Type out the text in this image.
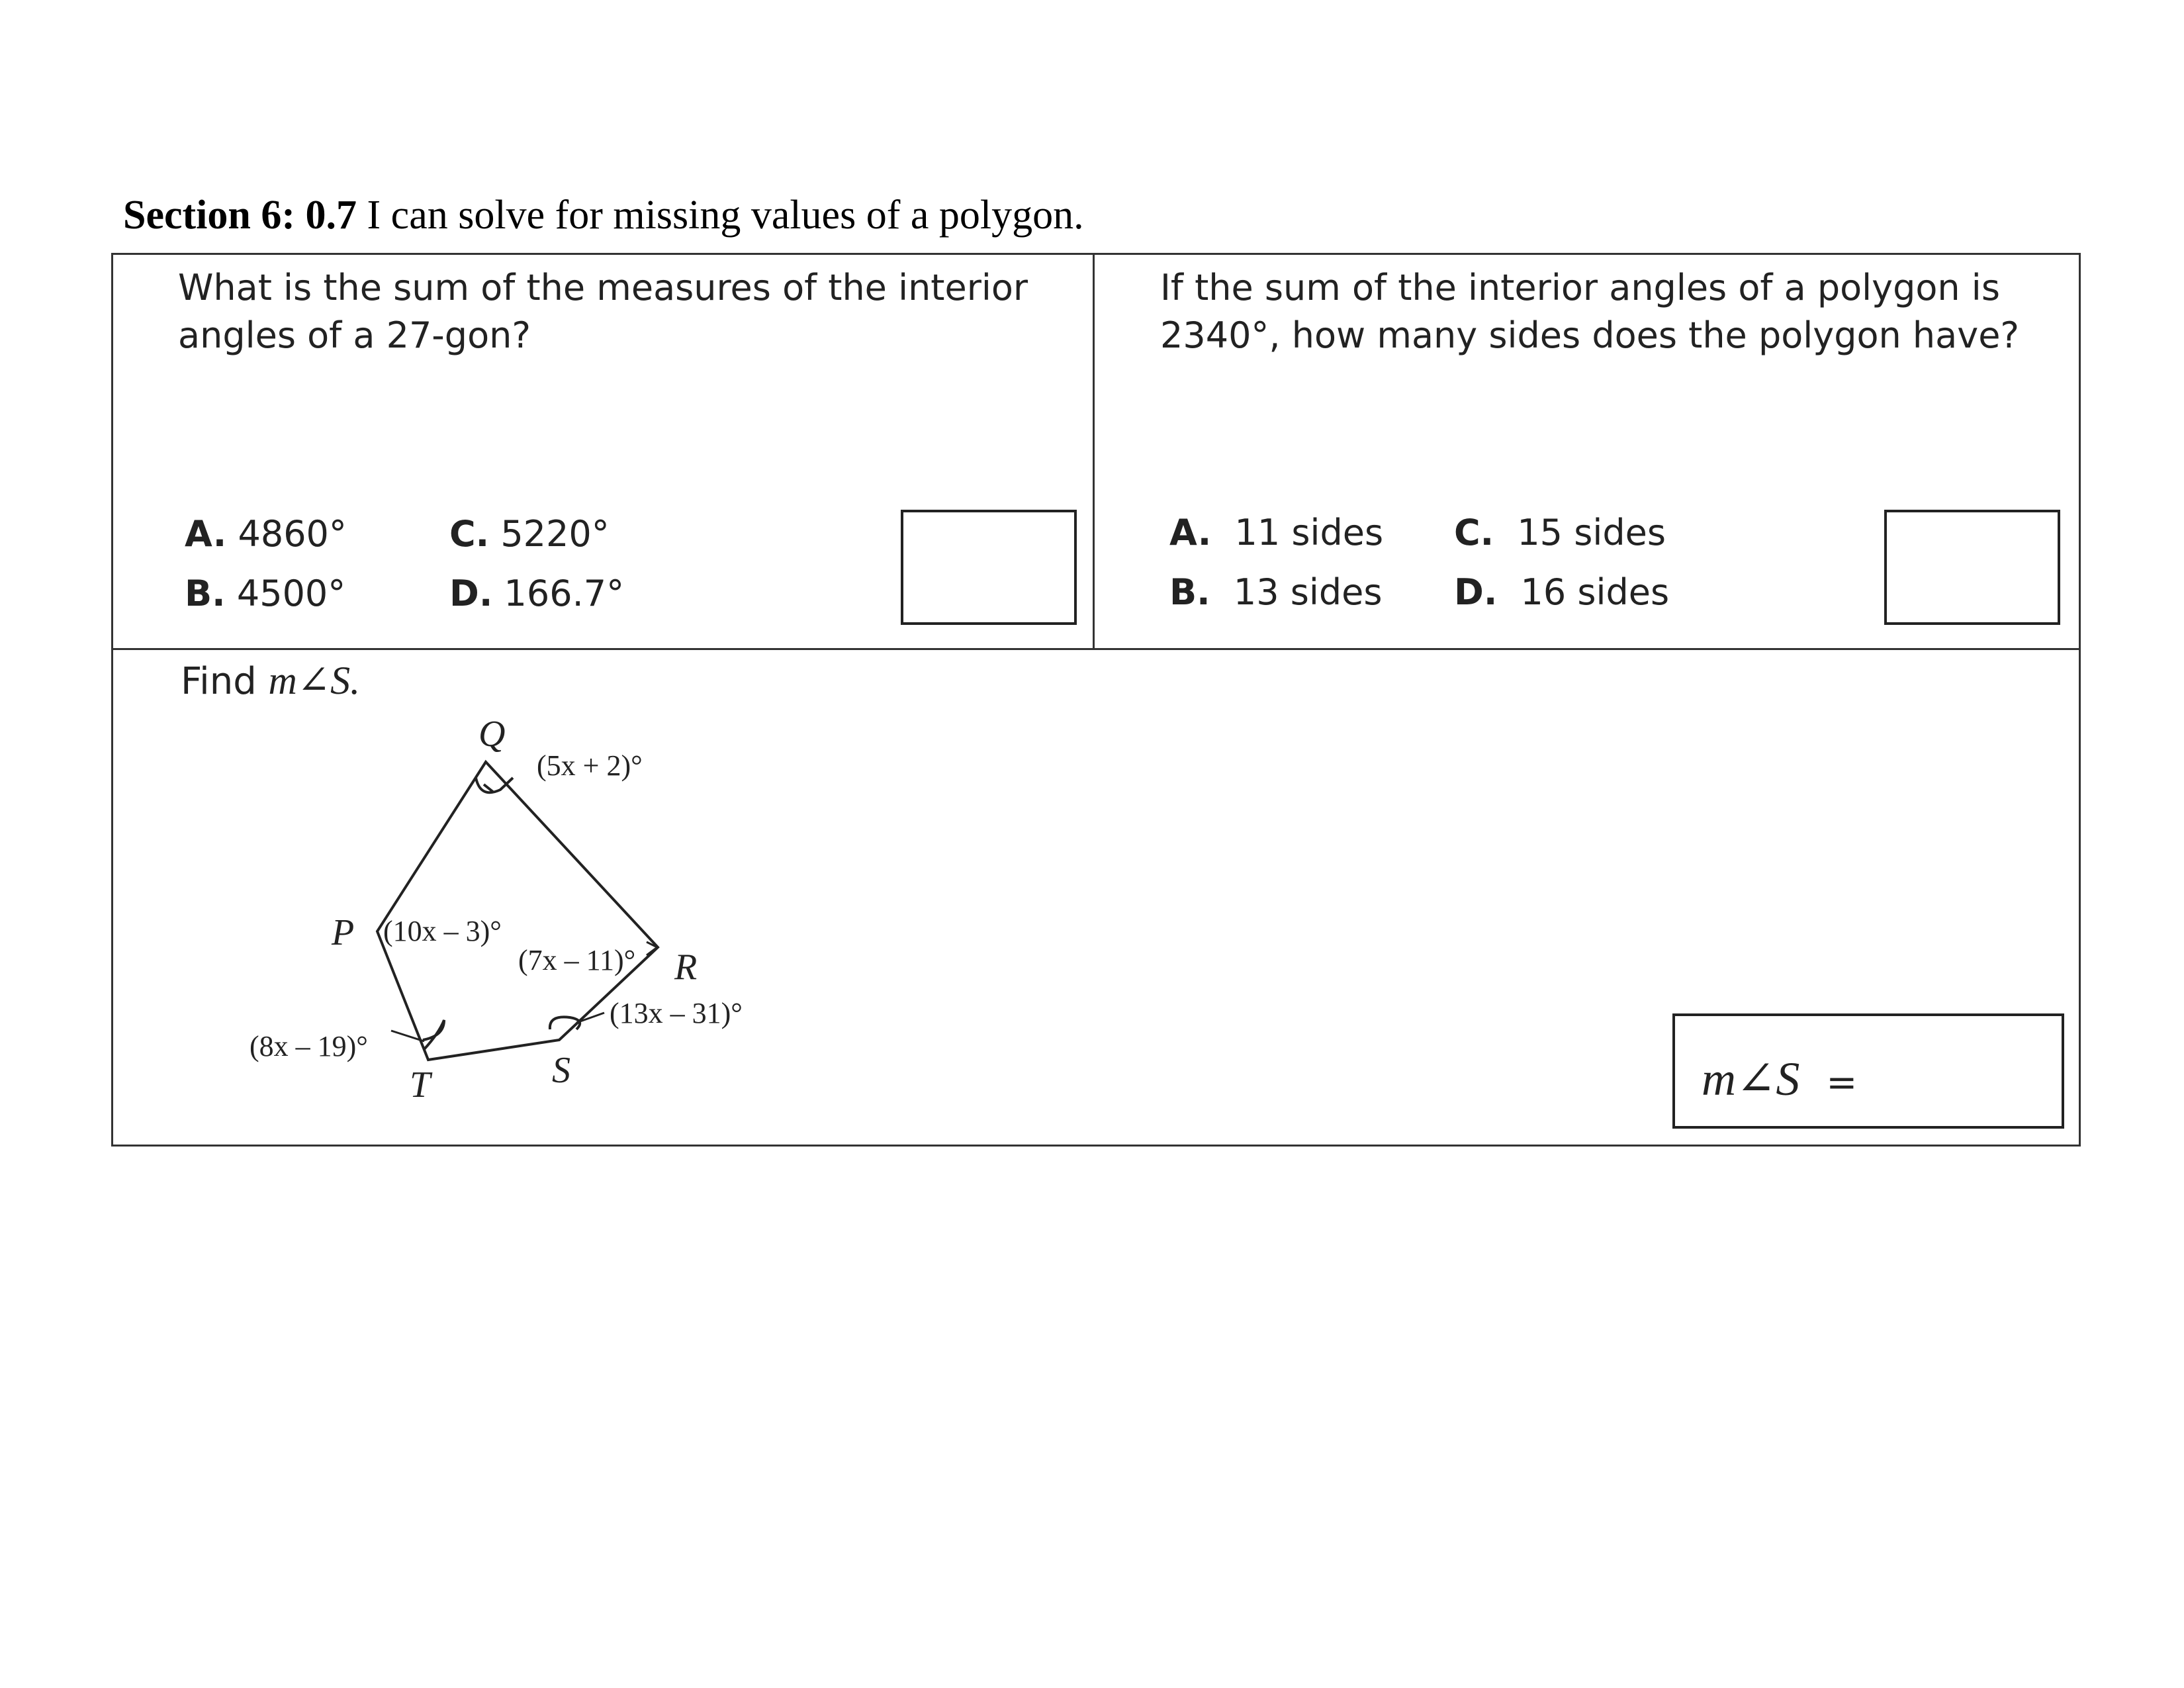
Section 6: 0.7 I can solve for missing values of a polygon.
What is the sum of the measures of the interior angles of a 27-gon?
A. 4860°
B. 4500°
C. 5220°
D. 166.7°
If the sum of the interior angles of a polygon is 2340°, how many sides does the polygon have?
A. 11 sides
B. 13 sides
C. 15 sides
D. 16 sides
Find m∠S.
Q
P
R
S
T
(5x + 2)°
(10x – 3)°
(7x – 11)°
(13x – 31)°
(8x – 19)°
m∠S =
